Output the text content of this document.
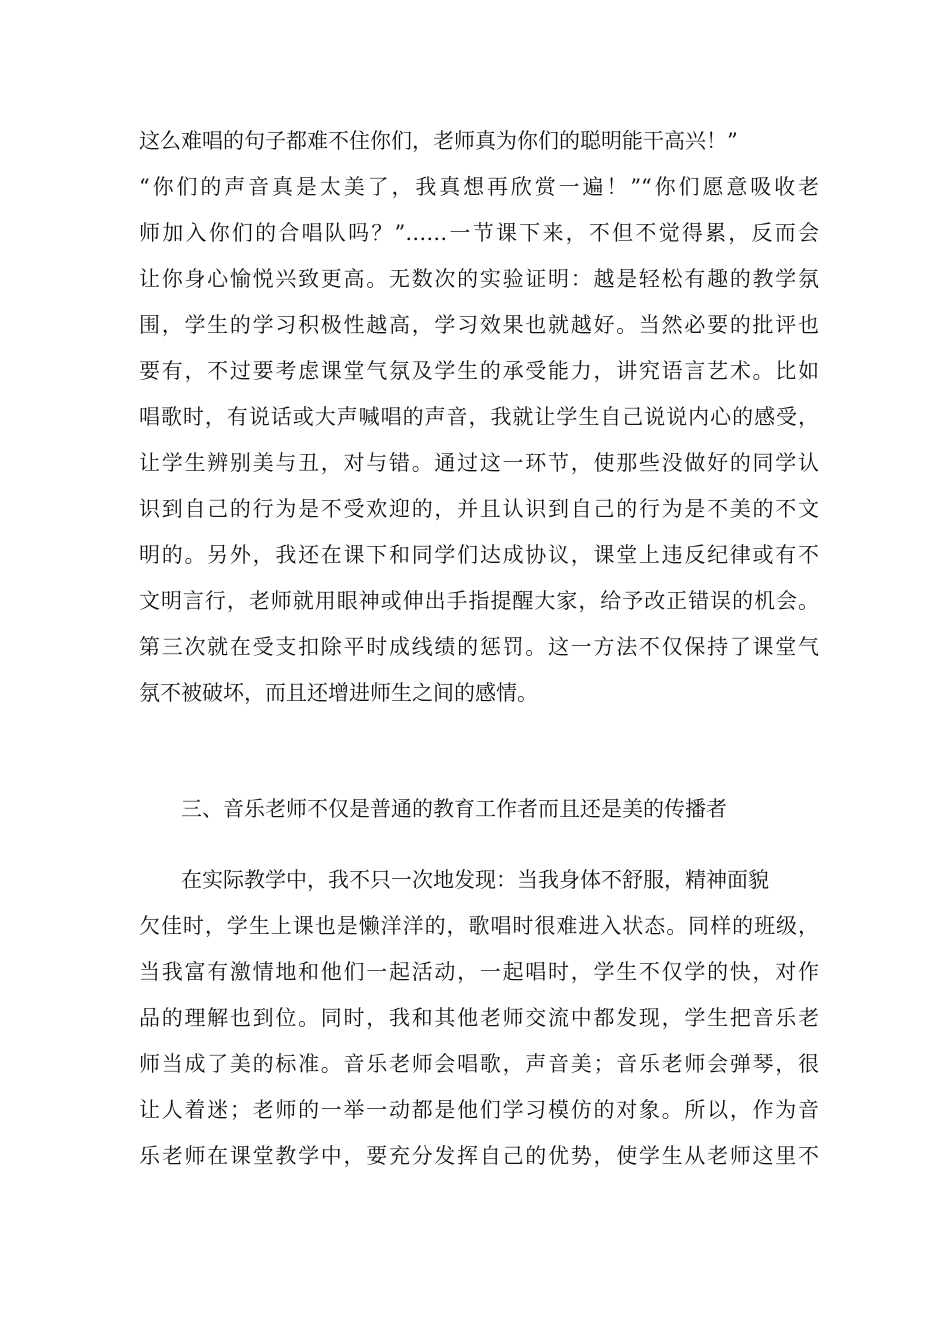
这么难唱的句子都难不住你们，老师真为你们的聪明能干高兴！”
“你们的声音真是太美了，我真想再欣赏一遍！”“你们愿意吸收老
师加入你们的合唱队吗？”……一节课下来，不但不觉得累，反而会
让你身心愉悦兴致更高。无数次的实验证明：越是轻松有趣的教学氛
围，学生的学习积极性越高，学习效果也就越好。当然必要的批评也
要有，不过要考虑课堂气氛及学生的承受能力，讲究语言艺术。比如
唱歌时，有说话或大声喊唱的声音，我就让学生自己说说内心的感受，
让学生辨别美与丑，对与错。通过这一环节，使那些没做好的同学认
识到自己的行为是不受欢迎的，并且认识到自己的行为是不美的不文
明的。另外，我还在课下和同学们达成协议，课堂上违反纪律或有不
文明言行，老师就用眼神或伸出手指提醒大家，给予改正错误的机会。
第三次就在受支扣除平时成线绩的惩罚。这一方法不仅保持了课堂气
氛不被破坏，而且还增进师生之间的感情。
三、音乐老师不仅是普通的教育工作者而且还是美的传播者
在实际教学中，我不只一次地发现：当我身体不舒服，精神面貌
欠佳时，学生上课也是懒洋洋的，歌唱时很难进入状态。同样的班级，
当我富有激情地和他们一起活动，一起唱时，学生不仅学的快，对作
品的理解也到位。同时，我和其他老师交流中都发现，学生把音乐老
师当成了美的标准。音乐老师会唱歌，声音美；音乐老师会弹琴，很
让人着迷；老师的一举一动都是他们学习模仿的对象。所以，作为音
乐老师在课堂教学中，要充分发挥自己的优势，使学生从老师这里不
